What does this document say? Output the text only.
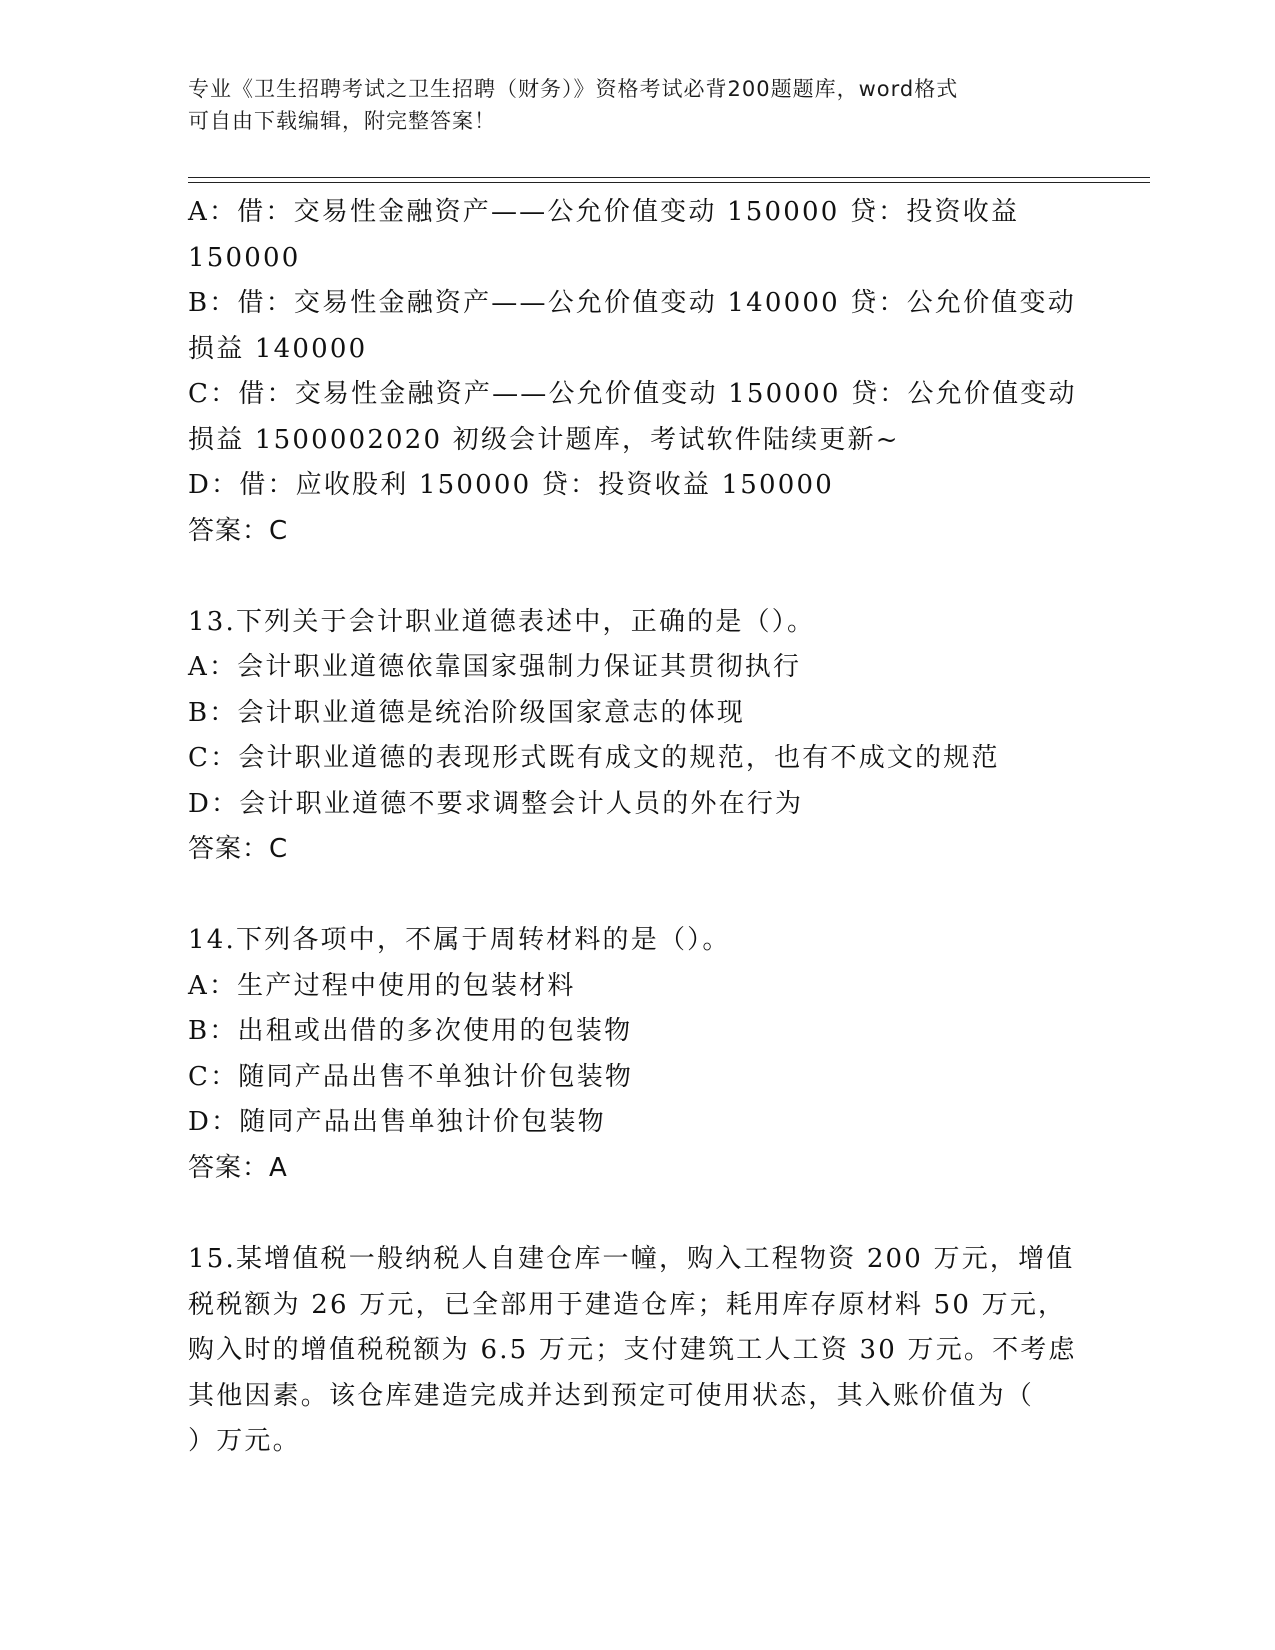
专业《卫生招聘考试之卫生招聘（财务）》资格考试必背200题题库，word格式
可自由下载编辑，附完整答案！
A：借：交易性金融资产——公允价值变动 150000 贷：投资收益
150000
B：借：交易性金融资产——公允价值变动 140000 贷：公允价值变动
损益 140000
C：借：交易性金融资产——公允价值变动 150000 贷：公允价值变动
损益 1500002020 初级会计题库，考试软件陆续更新~
D：借：应收股利 150000 贷：投资收益 150000
答案：C
13.下列关于会计职业道德表述中，正确的是（）。
A：会计职业道德依靠国家强制力保证其贯彻执行
B：会计职业道德是统治阶级国家意志的体现
C：会计职业道德的表现形式既有成文的规范，也有不成文的规范
D：会计职业道德不要求调整会计人员的外在行为
答案：C
14.下列各项中，不属于周转材料的是（）。
A：生产过程中使用的包装材料
B：出租或出借的多次使用的包装物
C：随同产品出售不单独计价包装物
D：随同产品出售单独计价包装物
答案：A
15.某增值税一般纳税人自建仓库一幢，购入工程物资 200 万元，增值
税税额为 26 万元，已全部用于建造仓库；耗用库存原材料 50 万元，
购入时的增值税税额为 6.5 万元；支付建筑工人工资 30 万元。不考虑
其他因素。该仓库建造完成并达到预定可使用状态，其入账价值为（
）万元。
